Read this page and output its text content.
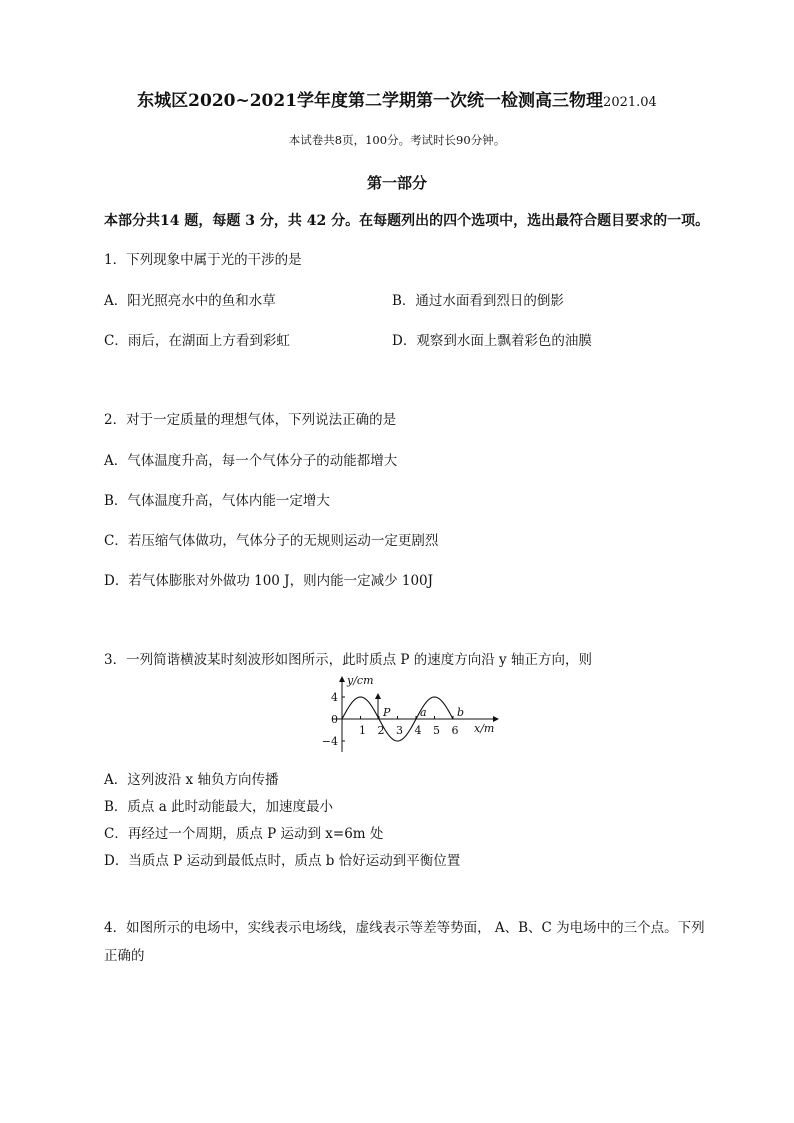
东城区2020~2021学年度第二学期第一次统一检测高三物理2021.04
本试卷共8页，100分。考试时长90分钟。
第一部分
本部分共14 题，每题 3 分，共 42 分。在每题列出的四个选项中，选出最符合题目要求的一项。
1．下列现象中属于光的干涉的是
A．阳光照亮水中的鱼和水草	B．通过水面看到烈日的倒影
C．雨后，在湖面上方看到彩虹	D．观察到水面上飘着彩色的油膜
2．对于一定质量的理想气体，下列说法正确的是
A．气体温度升高，每一个气体分子的动能都增大
B．气体温度升高，气体内能一定增大
C．若压缩气体做功，气体分子的无规则运动一定更剧烈
D．若气体膨胀对外做功 100 J，则内能一定减少 100J
3．一列简谐横波某时刻波形如图所示，此时质点 P 的速度方向沿 y 轴正方向，则
y/cm
x/m
4
0
−4
1 2 3 4 5 6
P	a	b
A．这列波沿 x 轴负方向传播
B．质点 a 此时动能最大，加速度最小
C．再经过一个周期，质点 P 运动到 x=6m 处
D．当质点 P 运动到最低点时，质点 b 恰好运动到平衡位置
4．如图所示的电场中，实线表示电场线，虚线表示等差等势面， A、B、C 为电场中的三个点。下列
正确的
